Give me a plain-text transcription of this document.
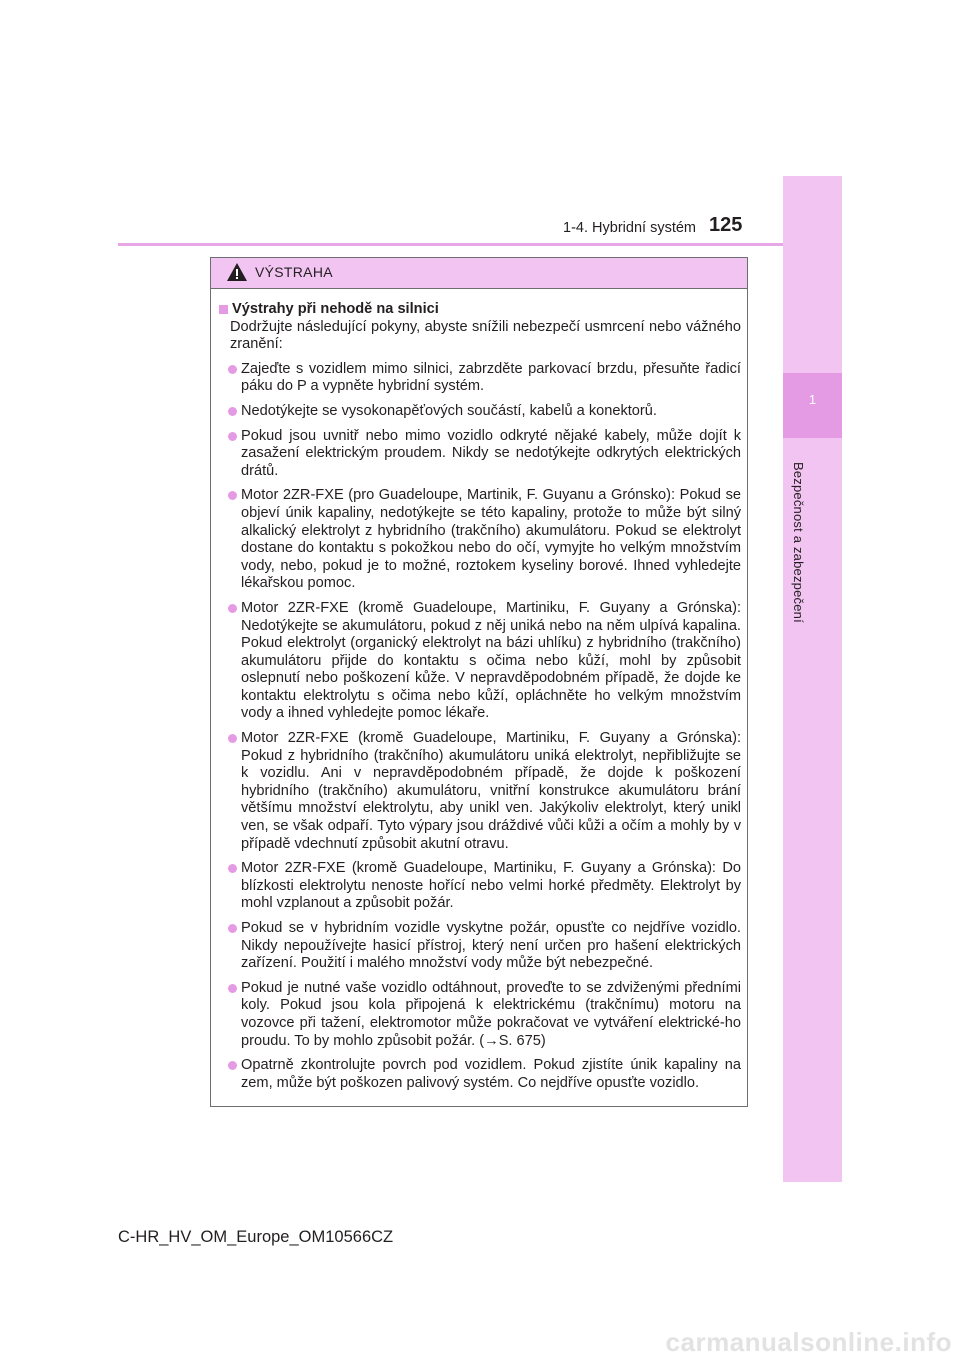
1-4. Hybridní systém 125
1
Bezpečnost a zabezpečení
VÝSTRAHA
Výstrahy při nehodě na silnici
Dodržujte následující pokyny, abyste snížili nebezpečí usmrcení nebo vážného zranění:
Zajeďte s vozidlem mimo silnici, zabrzděte parkovací brzdu, přesuňte řadicí páku do P a vypněte hybridní systém.
Nedotýkejte se vysokonapěťových součástí, kabelů a konektorů.
Pokud jsou uvnitř nebo mimo vozidlo odkryté nějaké kabely, může dojít k zasažení elektrickým proudem. Nikdy se nedotýkejte odkrytých elektrických drátů.
Motor 2ZR-FXE (pro Guadeloupe, Martinik, F. Guyanu a Grónsko): Pokud se objeví únik kapaliny, nedotýkejte se této kapaliny, protože to může být silný alkalický elektrolyt z hybridního (trakčního) akumulátoru. Pokud se elektrolyt dostane do kontaktu s pokožkou nebo do očí, vymyjte ho velkým množstvím vody, nebo, pokud je to možné, roztokem kyseliny borové. Ihned vyhledejte lékařskou pomoc.
Motor 2ZR-FXE (kromě Guadeloupe, Martiniku, F. Guyany a Grónska): Nedotýkejte se akumulátoru, pokud z něj uniká nebo na něm ulpívá kapalina. Pokud elektrolyt (organický elektrolyt na bázi uhlíku) z hybridního (trakčního) akumulátoru přijde do kontaktu s očima nebo kůží, mohl by způsobit oslepnutí nebo poškození kůže. V nepravděpodobném případě, že dojde ke kontaktu elektrolytu s očima nebo kůží, opláchněte ho velkým množstvím vody a ihned vyhledejte pomoc lékaře.
Motor 2ZR-FXE (kromě Guadeloupe, Martiniku, F. Guyany a Grónska): Pokud z hybridního (trakčního) akumulátoru uniká elektrolyt, nepřibližujte se k vozidlu. Ani v nepravděpodobném případě, že dojde k poškození hybridního (trakčního) akumulátoru, vnitřní konstrukce akumulátoru brání většímu množství elektrolytu, aby unikl ven. Jakýkoliv elektrolyt, který unikl ven, se však odpaří. Tyto výpary jsou dráždivé vůči kůži a očím a mohly by v případě vdechnutí způsobit akutní otravu.
Motor 2ZR-FXE (kromě Guadeloupe, Martiniku, F. Guyany a Grónska): Do blízkosti elektrolytu nenoste hořící nebo velmi horké předměty. Elektrolyt by mohl vzplanout a způsobit požár.
Pokud se v hybridním vozidle vyskytne požár, opusťte co nejdříve vozidlo. Nikdy nepoužívejte hasicí přístroj, který není určen pro hašení elektrických zařízení. Použití i malého množství vody může být nebezpečné.
Pokud je nutné vaše vozidlo odtáhnout, proveďte to se zdviženými předními koly. Pokud jsou kola připojená k elektrickému (trakčnímu) motoru na vozovce při tažení, elektromotor může pokračovat ve vytváření elektrické-ho proudu. To by mohlo způsobit požár. (→S. 675)
Opatrně zkontrolujte povrch pod vozidlem. Pokud zjistíte únik kapaliny na zem, může být poškozen palivový systém. Co nejdříve opusťte vozidlo.
C-HR_HV_OM_Europe_OM10566CZ
carmanualsonline.info
